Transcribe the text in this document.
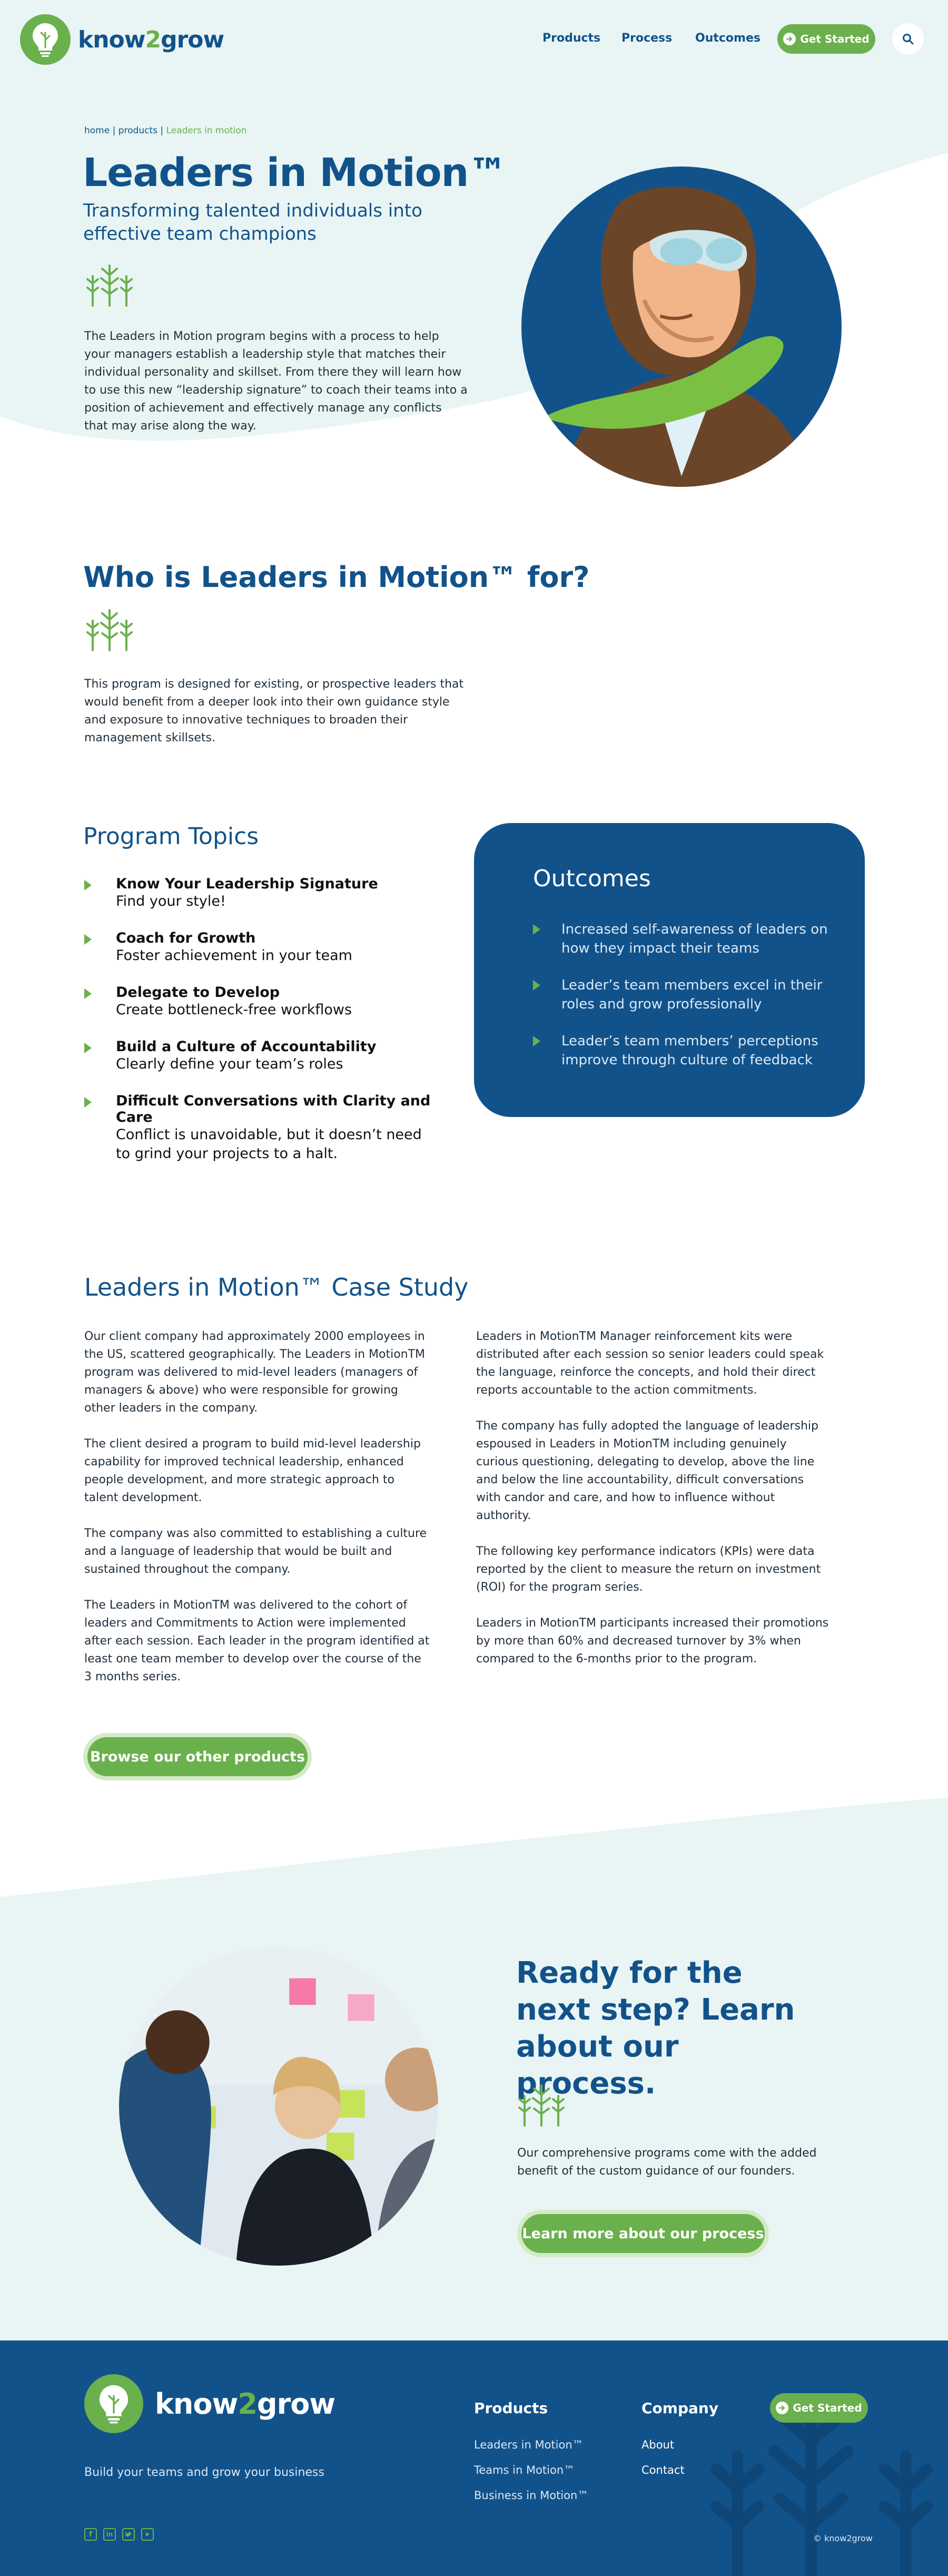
know2grow	Products Process Outcomes	Get Started
home | products | Leaders in motion
Leaders in Motion™
Transforming talented individuals into effective team champions
The Leaders in Motion program begins with a process to help your managers establish a leadership style that matches their individual personality and skillset. From there they will learn how to use this new “leadership signature” to coach their teams into a position of achievement and effectively manage any conflicts that may arise along the way.
Who is Leaders in Motion™ for?
This program is designed for existing, or prospective leaders that would benefit from a deeper look into their own guidance style and exposure to innovative techniques to broaden their management skillsets.
Program Topics
Know Your Leadership Signature
Find your style!
Coach for Growth
Foster achievement in your team
Delegate to Develop
Create bottleneck-free workflows
Build a Culture of Accountability
Clearly define your team’s roles
Difficult Conversations with Clarity and Care
Conflict is unavoidable, but it doesn’t need to grind your projects to a halt.
Outcomes
Increased self-awareness of leaders on how they impact their teams
Leader’s team members excel in their roles and grow professionally
Leader’s team members’ perceptions improve through culture of feedback
Leaders in Motion™ Case Study

Our client company had approximately 2000 employees in the US, scattered geographically. The Leaders in MotionTM program was delivered to mid-level leaders (managers of managers & above) who were responsible for growing other leaders in the company.

The client desired a program to build mid-level leadership capability for improved technical leadership, enhanced people development, and more strategic approach to talent development.

The company was also committed to establishing a culture and a language of leadership that would be built and sustained throughout the company.

The Leaders in MotionTM was delivered to the cohort of leaders and Commitments to Action were implemented after each session. Each leader in the program identified at least one team member to develop over the course of the 3 months series.

Leaders in MotionTM Manager reinforcement kits were distributed after each session so senior leaders could speak the language, reinforce the concepts, and hold their direct reports accountable to the action commitments.

The company has fully adopted the language of leadership espoused in Leaders in MotionTM including genuinely curious questioning, delegating to develop, above the line and below the line accountability, difficult conversations with candor and care, and how to influence without authority.

The following key performance indicators (KPIs) were data reported by the client to measure the return on investment (ROI) for the program series.

Leaders in MotionTM participants increased their promotions by more than 60% and decreased turnover by 3% when compared to the 6-months prior to the program.

Browse our other products
Ready for the next step? Learn about our process.
Our comprehensive programs come with the added benefit of the custom guidance of our founders.
Learn more about our process
know2grow
Build your teams and grow your business
f	in
Products
Leaders in Motion™
Teams in Motion™
Business in Motion™
Company
About
Contact
Get Started
© know2grow
